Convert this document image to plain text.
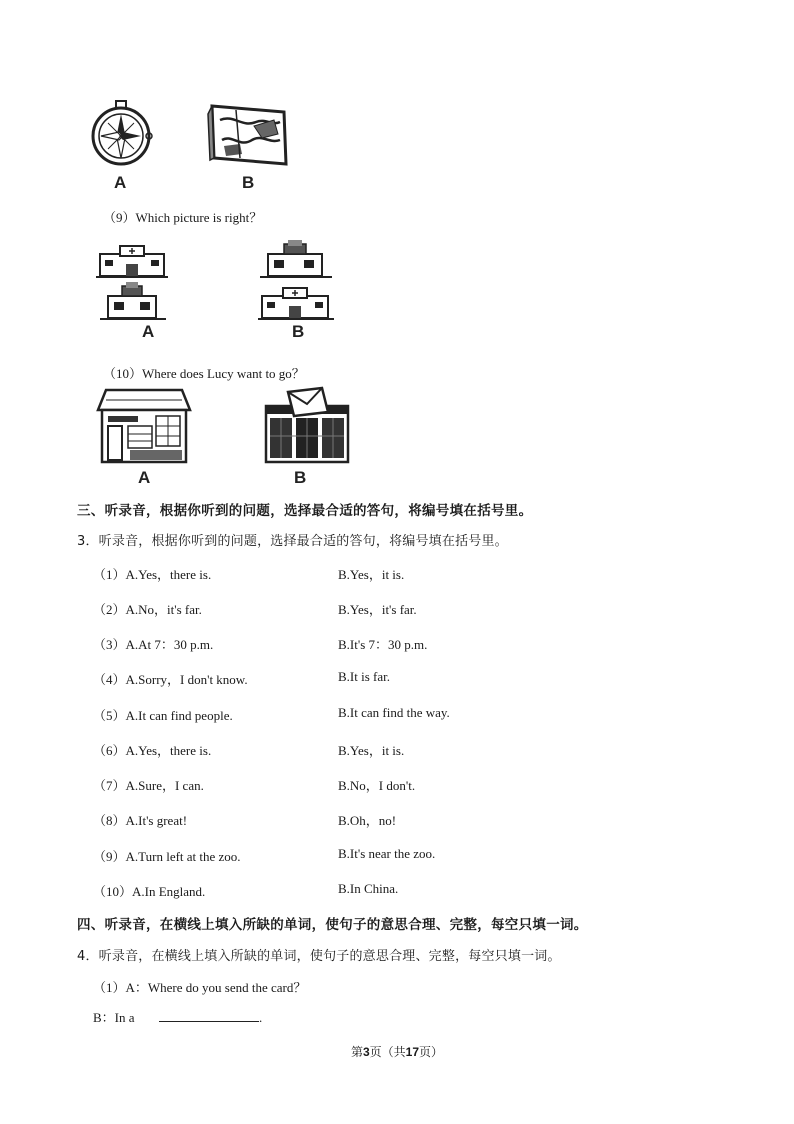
A	B
（9）Which picture is right？
A	B
（10）Where does Lucy want to go？
A	B
三、听录音，根据你听到的问题，选择最合适的答句，将编号填在括号里。
3．听录音，根据你听到的问题，选择最合适的答句，将编号填在括号里。
（1）A.Yes，there is.	B.Yes，it is.
（2）A.No，it's far.	B.Yes，it's far.
（3）A.At 7：30 p.m.	B.It's 7：30 p.m.
（4）A.Sorry，I don't know.	B.It is far.
（5）A.It can find people.	B.It can find the way.
（6）A.Yes，there is.	B.Yes，it is.
（7）A.Sure，I can.	B.No，I don't.
（8）A.It's great!	B.Oh，no!
（9）A.Turn left at the zoo.	B.It's near the zoo.
（10）A.In England.	B.In China.
四、听录音，在横线上填入所缺的单词，使句子的意思合理、完整，每空只填一词。
4．听录音，在横线上填入所缺的单词，使句子的意思合理、完整，每空只填一词。
（1）A：Where do you send the card？
B：In a	.
第3页（共17页）
